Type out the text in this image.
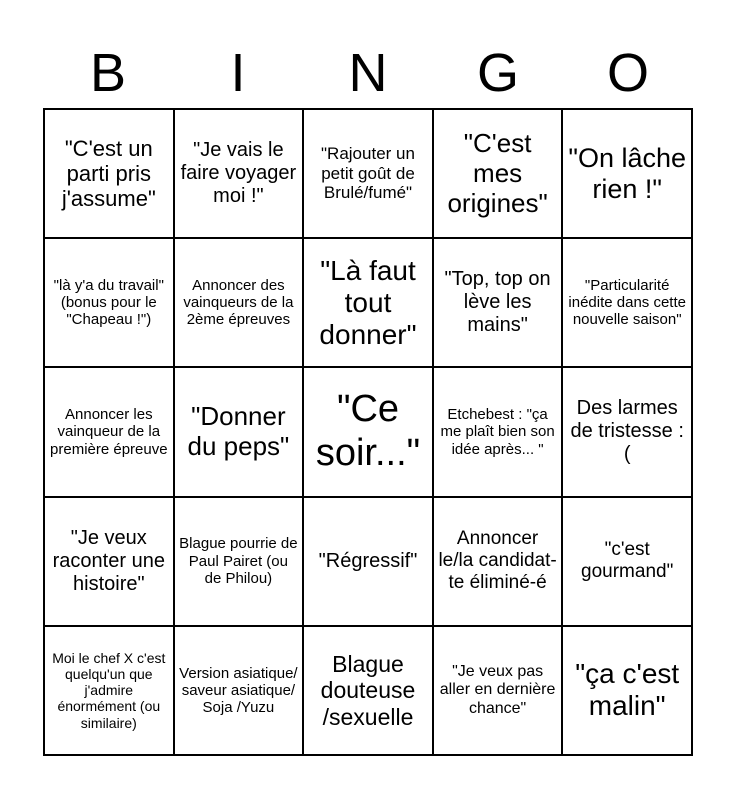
B	I	N	G	O
"C'est un parti pris j'assume"
"Je vais le faire voyager moi !"
"Rajouter un petit goût de Brulé/fumé"
"C'est mes origines"
"On lâche rien !"
"là y'a du travail" (bonus pour le "Chapeau !")
Annoncer des vainqueurs de la 2ème épreuves
"Là faut tout donner"
"Top, top on lève les mains"
"Particularité inédite dans cette nouvelle saison"
Annoncer les vainqueur de la première épreuve
"Donner du peps"
"Ce soir..."
Etchebest : "ça me plaît bien son idée après... "
Des larmes de tristesse :(
"Je veux raconter une histoire"
Blague pourrie de Paul Pairet (ou de Philou)
"Régressif"
Annoncer le/la candidat-te éliminé-é
"c'est gourmand"
Moi le chef X c'est quelqu'un que j'admire énormément (ou similaire)
Version asiatique/ saveur asiatique/ Soja /Yuzu
Blague douteuse /sexuelle
"Je veux pas aller en dernière chance"
"ça c'est malin"
